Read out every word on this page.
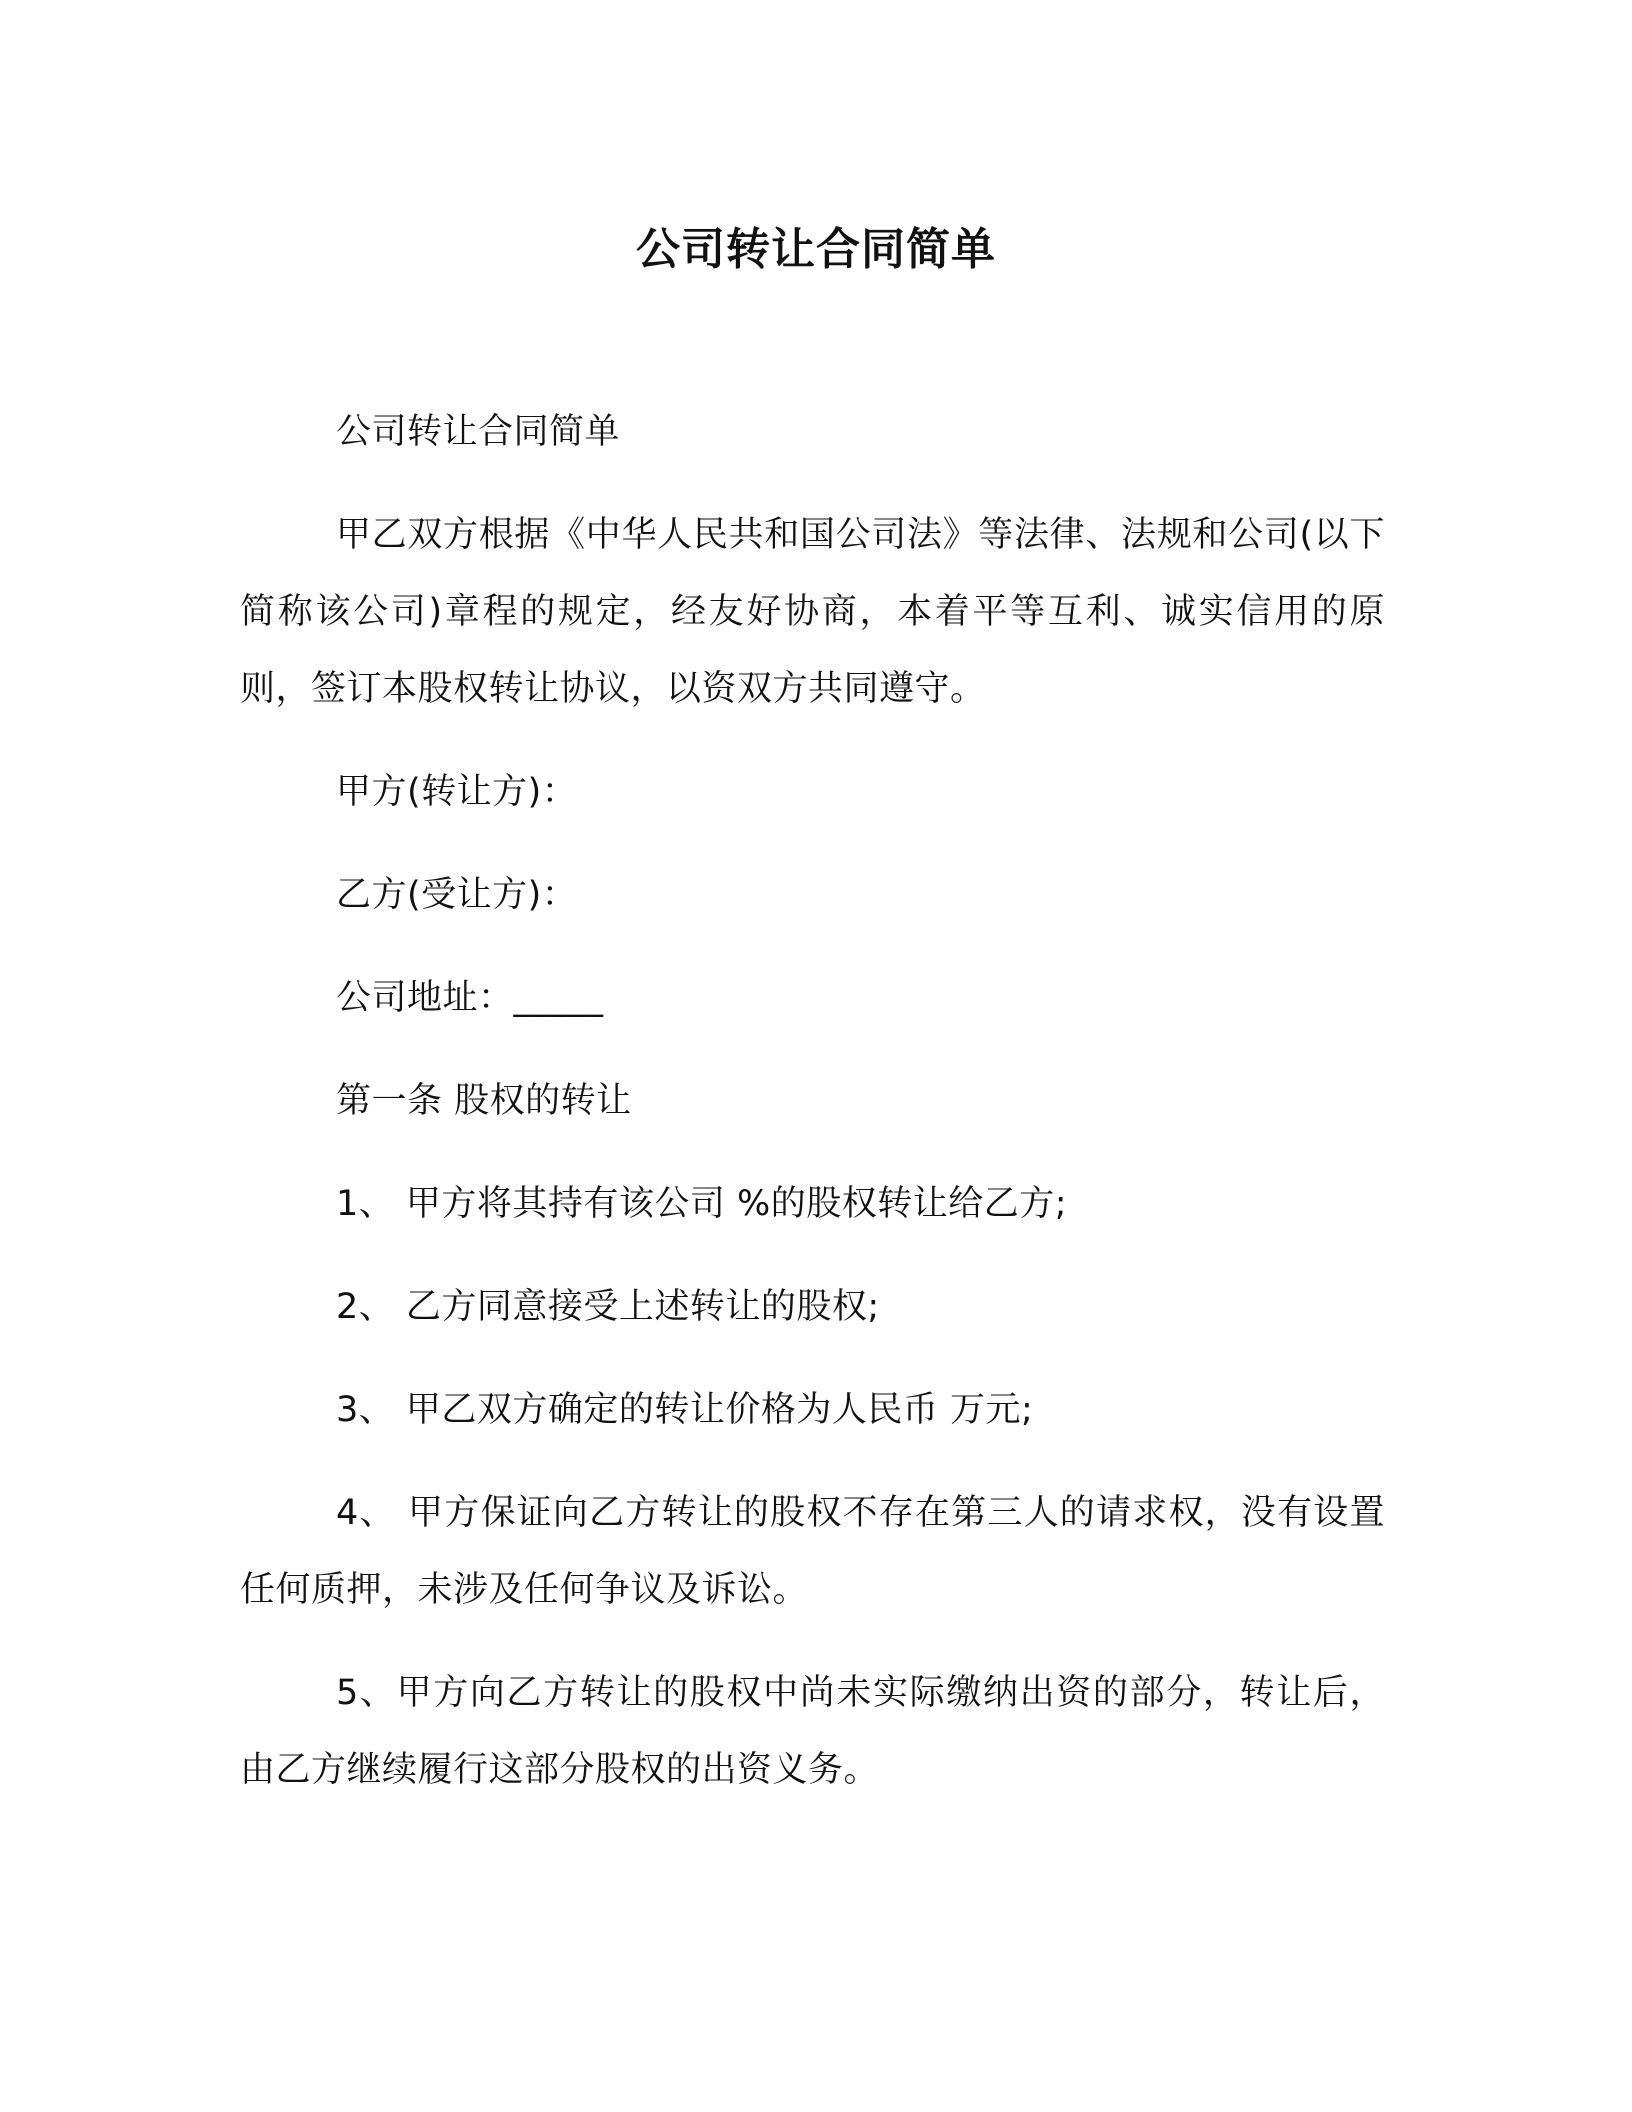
公司转让合同简单

公司转让合同简单

甲乙双方根据《中华人民共和国公司法》等法律、法规和公司(以下简称该公司)章程的规定，经友好协商，本着平等互利、诚实信用的原则，签订本股权转让协议，以资双方共同遵守。

甲方(转让方)：

乙方(受让方)：

公司地址：_____

第一条 股权的转让

1、 甲方将其持有该公司 %的股权转让给乙方;

2、 乙方同意接受上述转让的股权;

3、 甲乙双方确定的转让价格为人民币 万元;

4、 甲方保证向乙方转让的股权不存在第三人的请求权，没有设置任何质押，未涉及任何争议及诉讼。

5、甲方向乙方转让的股权中尚未实际缴纳出资的部分，转让后，由乙方继续履行这部分股权的出资义务。
